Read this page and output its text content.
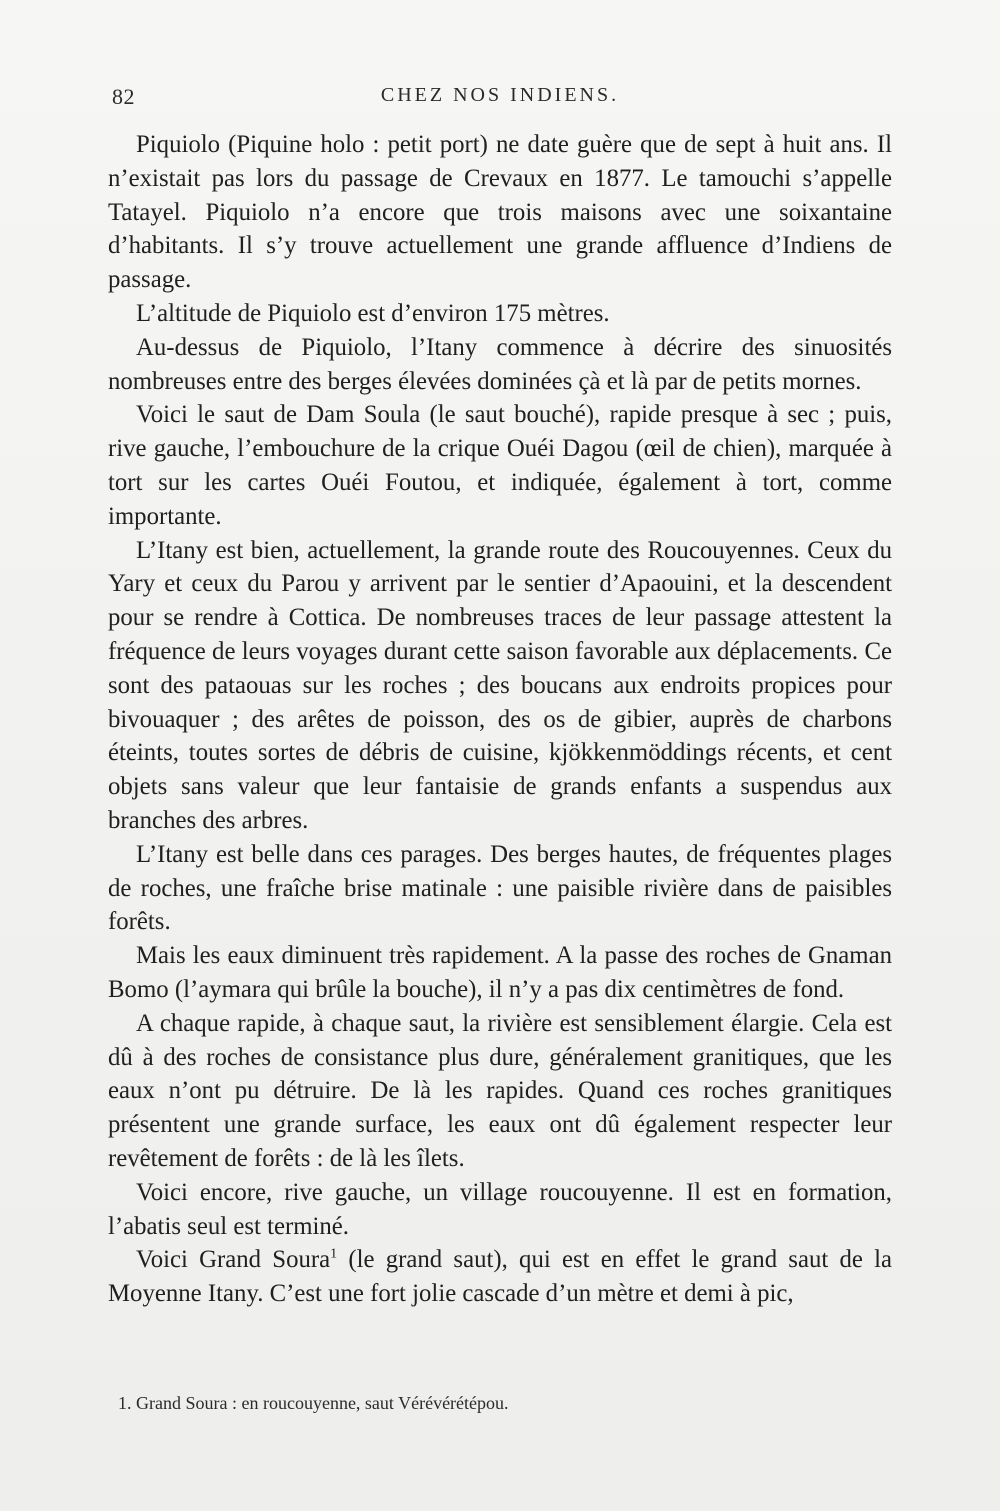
82	CHEZ NOS INDIENS.

Piquiolo (Piquine holo : petit port) ne date guère que de sept à huit ans. Il n’existait pas lors du passage de Crevaux en 1877. Le tamouchi s’appelle Tatayel. Piquiolo n’a encore que trois maisons avec une soixantaine d’habitants. Il s’y trouve actuellement une grande affluence d’Indiens de passage.

L’altitude de Piquiolo est d’environ 175 mètres.

Au-dessus de Piquiolo, l’Itany commence à décrire des sinuosités nombreuses entre des berges élevées dominées çà et là par de petits mornes.

Voici le saut de Dam Soula (le saut bouché), rapide presque à sec ; puis, rive gauche, l’embouchure de la crique Ouéi Dagou (œil de chien), marquée à tort sur les cartes Ouéi Foutou, et indiquée, également à tort, comme importante.

L’Itany est bien, actuellement, la grande route des Roucouyennes. Ceux du Yary et ceux du Parou y arrivent par le sentier d’Apaouini, et la descendent pour se rendre à Cottica. De nombreuses traces de leur passage attestent la fréquence de leurs voyages durant cette saison favorable aux déplacements. Ce sont des pataouas sur les roches ; des boucans aux endroits propices pour bivouaquer ; des arêtes de poisson, des os de gibier, auprès de charbons éteints, toutes sortes de débris de cuisine, kjökkenmöddings récents, et cent objets sans valeur que leur fantaisie de grands enfants a suspendus aux branches des arbres.

L’Itany est belle dans ces parages. Des berges hautes, de fréquentes plages de roches, une fraîche brise matinale : une paisible rivière dans de paisibles forêts.

Mais les eaux diminuent très rapidement. A la passe des roches de Gnaman Bomo (l’aymara qui brûle la bouche), il n’y a pas dix centimètres de fond.

A chaque rapide, à chaque saut, la rivière est sensiblement élargie. Cela est dû à des roches de consistance plus dure, généralement granitiques, que les eaux n’ont pu détruire. De là les rapides. Quand ces roches granitiques présentent une grande surface, les eaux ont dû également respecter leur revêtement de forêts : de là les îlets.

Voici encore, rive gauche, un village roucouyenne. Il est en formation, l’abatis seul est terminé.

Voici Grand Soura$^1$ (le grand saut), qui est en effet le grand saut de la Moyenne Itany. C’est une fort jolie cascade d’un mètre et demi à pic,

1. Grand Soura : en roucouyenne, saut Vérévérétépou.
